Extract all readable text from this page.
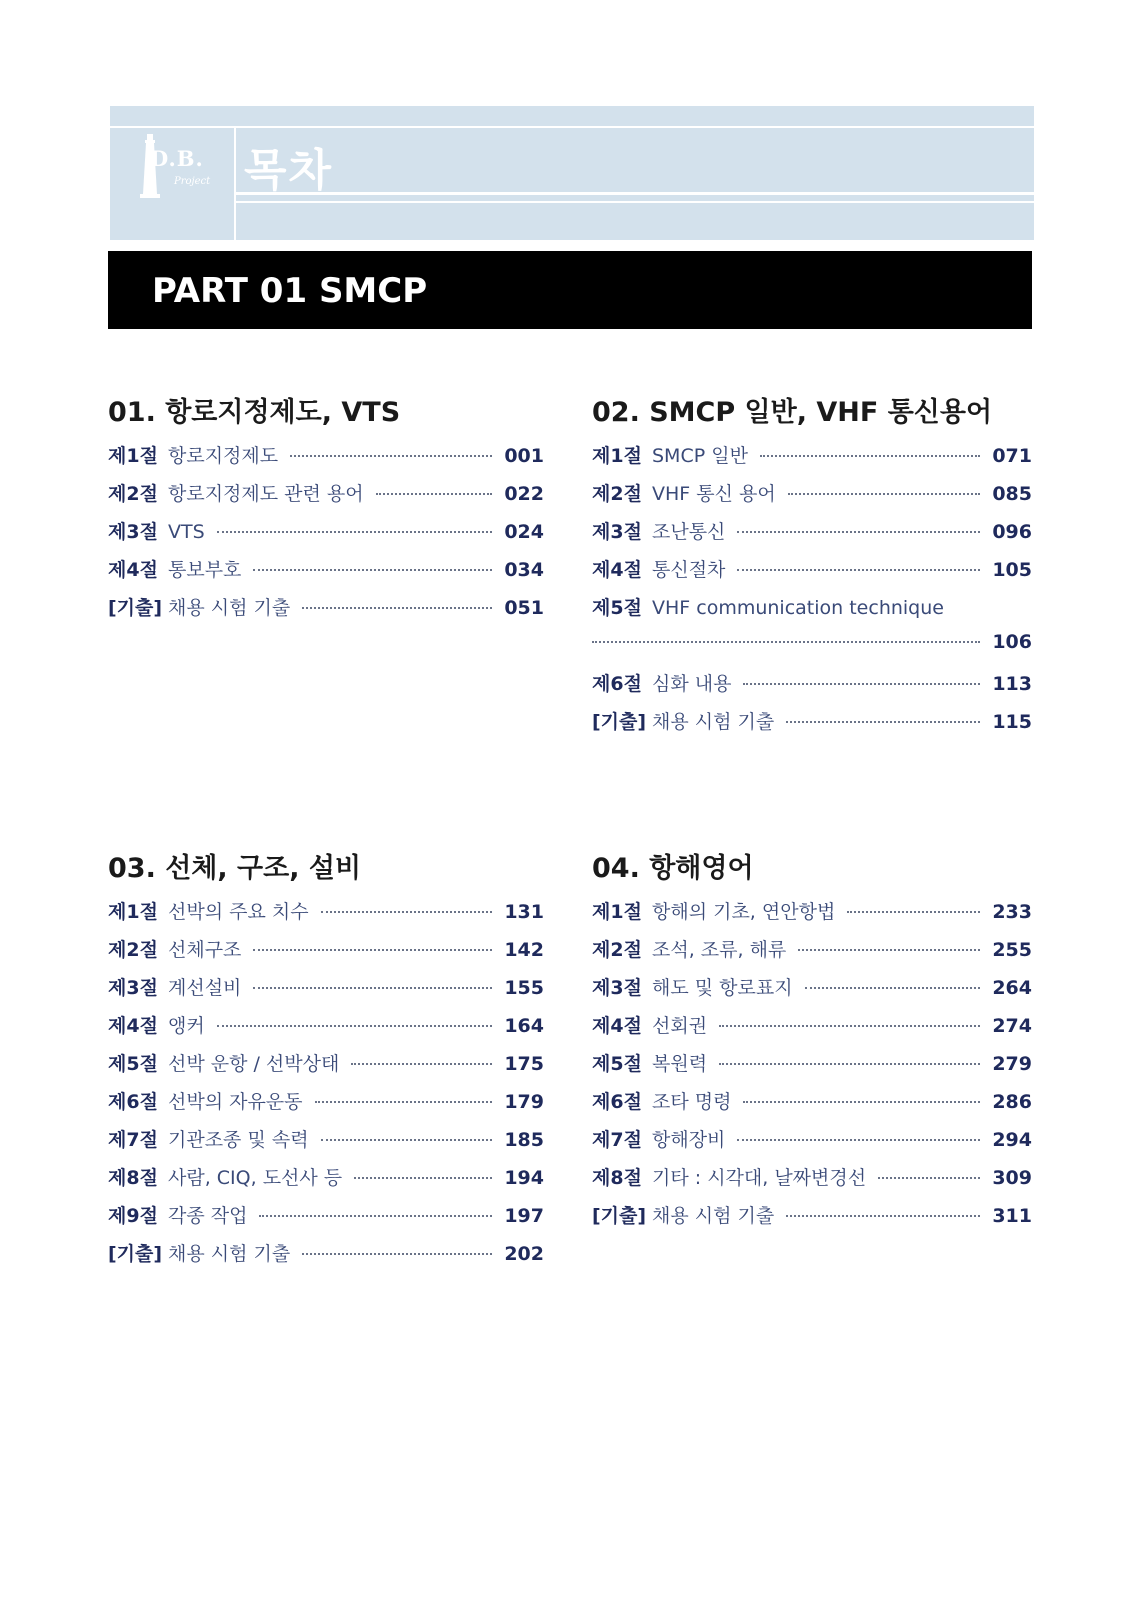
D.B.
Project 목차
PART 01 SMCP
01. 항로지정제도, VTS
제1절 항로지정제도	001
제2절 항로지정제도 관련 용어	022
제3절 VTS	024
제4절 통보부호	034
[기출] 채용 시험 기출	051
02. SMCP 일반, VHF 통신용어
제1절 SMCP 일반	071
제2절 VHF 통신 용어	085
제3절 조난통신	096
제4절 통신절차	105
제5절 VHF communication technique
106
제6절 심화 내용	113
[기출] 채용 시험 기출	115
03. 선체, 구조, 설비
제1절 선박의 주요 치수	131
제2절 선체구조	142
제3절 계선설비	155
제4절 앵커	164
제5절 선박 운항 / 선박상태	175
제6절 선박의 자유운동	179
제7절 기관조종 및 속력	185
제8절 사람, CIQ, 도선사 등	194
제9절 각종 작업	197
[기출] 채용 시험 기출	202
04. 항해영어
제1절 항해의 기초, 연안항법	233
제2절 조석, 조류, 해류	255
제3절 해도 및 항로표지	264
제4절 선회권	274
제5절 복원력	279
제6절 조타 명령	286
제7절 항해장비	294
제8절 기타 : 시각대, 날짜변경선	309
[기출] 채용 시험 기출	311
